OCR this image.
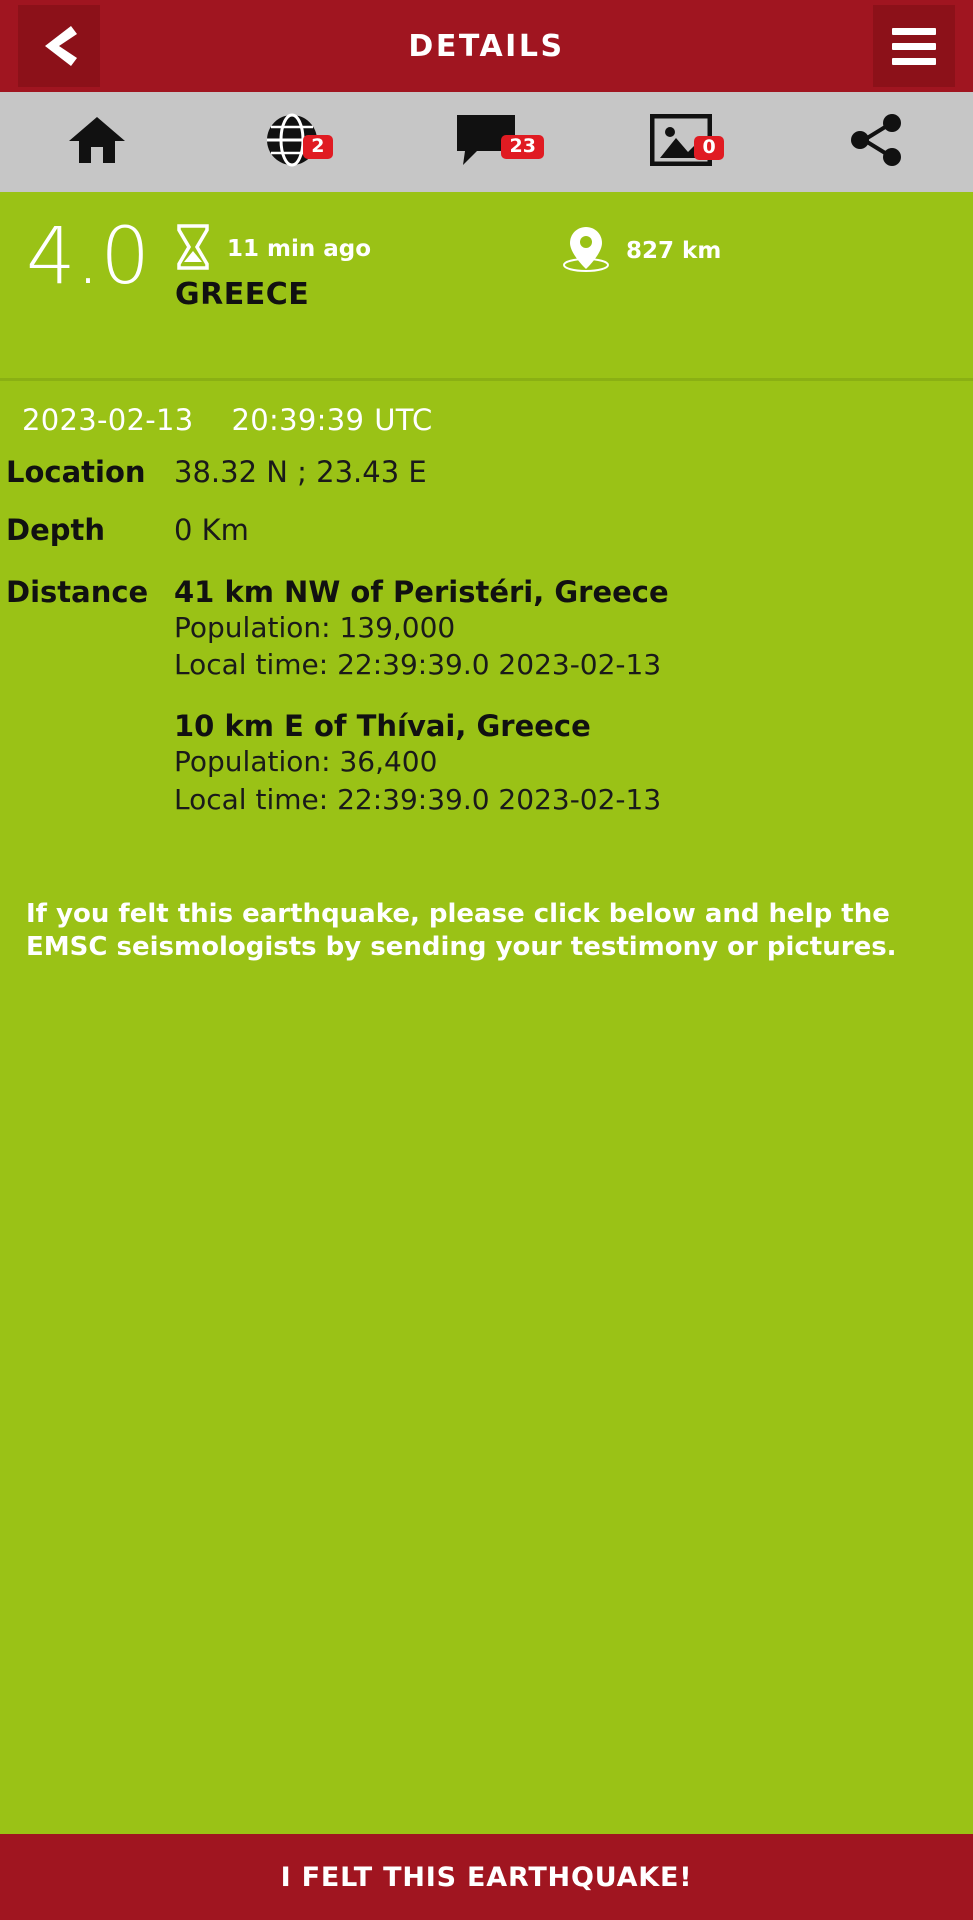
DETAILS
2	23	0
4.0	11 min ago
GREECE
827 km
2023-02-13 20:39:39 UTC
Location 38.32 N ; 23.43 E
Depth	0 Km
Distance 41 km NW of Peristéri, Greece
Population: 139,000
Local time: 22:39:39.0 2023-02-13
10 km E of Thívai, Greece
Population: 36,400
Local time: 22:39:39.0 2023-02-13
If you felt this earthquake, please click below and help the EMSC seismologists by sending your testimony or pictures.
I FELT THIS EARTHQUAKE!
